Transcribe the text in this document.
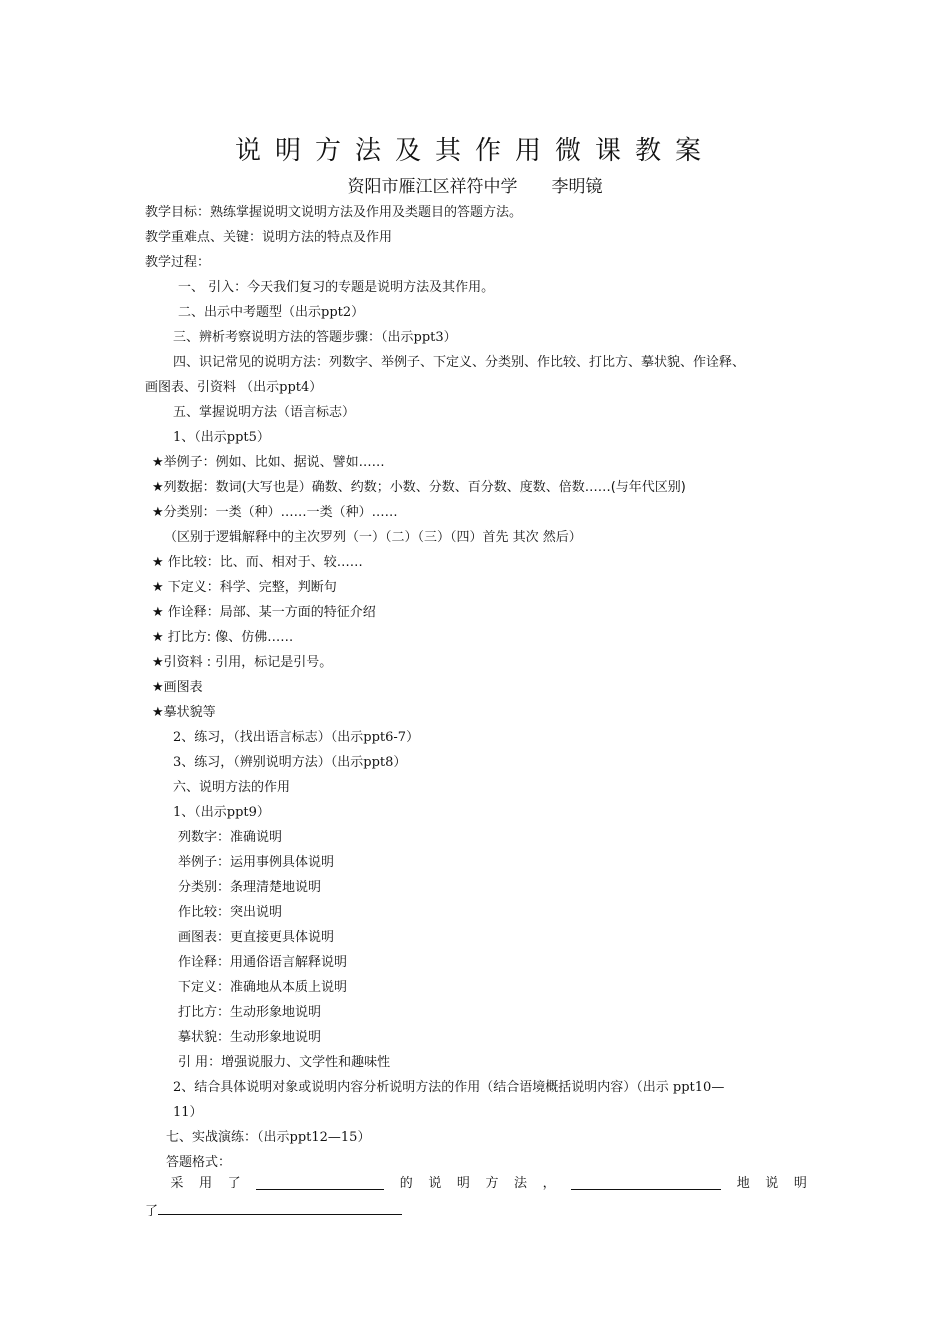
说明方法及其作用微课教案
资阳市雁江区祥符中学 李明镜
教学目标：熟练掌握说明文说明方法及作用及类题目的答题方法。
教学重难点、关键：说明方法的特点及作用
教学过程：
一、 引入：今天我们复习的专题是说明方法及其作用。
二、出示中考题型（出示ppt2）
三、辨析考察说明方法的答题步骤：（出示ppt3）
四、识记常见的说明方法：列数字、举例子、下定义、分类别、作比较、打比方、摹状貌、作诠释、
画图表、引资料 （出示ppt4）
五、掌握说明方法（语言标志）
1、（出示ppt5）
★举例子：例如、比如、据说、譬如……
★列数据：数词(大写也是）确数、约数；小数、分数、百分数、度数、倍数……(与年代区别)
★分类别：一类（种）……一类（种）……
（区别于逻辑解释中的主次罗列（一）（二）（三）（四）首先 其次 然后）
★ 作比较：比、而、相对于、较……
★ 下定义：科学、完整，判断句
★ 作诠释：局部、某一方面的特征介绍
★ 打比方: 像、仿佛……
★引资料 : 引用，标记是引号。
★画图表
★摹状貌等
2、练习，（找出语言标志）（出示ppt6-7）
3、练习，（辨别说明方法）（出示ppt8）
六、说明方法的作用
1、（出示ppt9）
列数字：准确说明
举例子：运用事例具体说明
分类别：条理清楚地说明
作比较：突出说明
画图表：更直接更具体说明
作诠释：用通俗语言解释说明
下定义：准确地从本质上说明
打比方：生动形象地说明
摹状貌：生动形象地说明
引 用：增强说服力、文学性和趣味性
2、结合具体说明对象或说明内容分析说明方法的作用（结合语境概括说明内容）（出示 ppt10—
11）
七、实战演练：（出示ppt12—15）
答题格式：
采 用 了	的 说 明 方 法 ，	地 说 明
了
